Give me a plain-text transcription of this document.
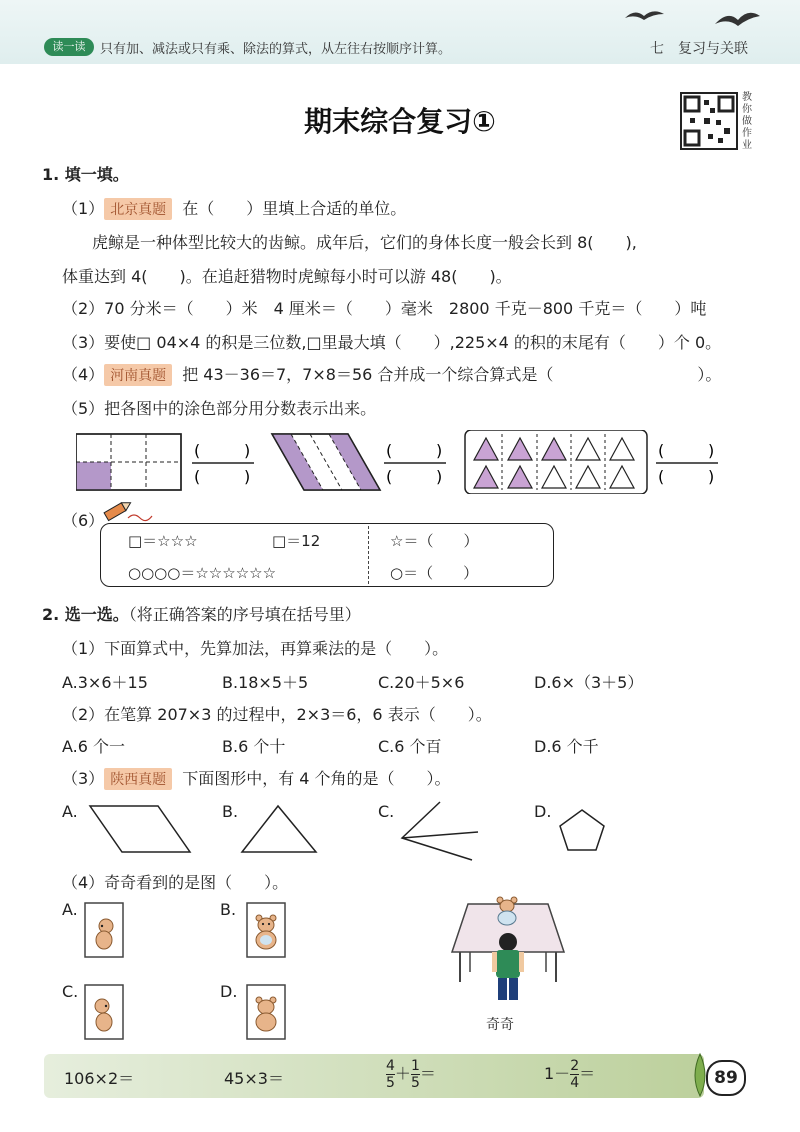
读一读	只有加、减法或只有乘、除法的算式，从左往右按顺序计算。	七　复习与关联
期末综合复习①
教你做作业
1. 填一填。
（1） 北京真题 在（　　）里填上合适的单位。
虎鲸是一种体型比较大的齿鲸。成年后，它们的身体长度一般会长到 8(　　),
体重达到 4(　　)。在追赶猎物时虎鲸每小时可以游 48(　　)。
（2）70 分米＝（　　）米　4 厘米＝（　　）毫米　2800 千克－800 千克＝（　　）吨
（3）要使□ 04×4 的积是三位数,□里最大填（　　）,225×4 的积的末尾有（　　）个 0。
（4） 河南真题 把 43－36＝7，7×8＝56 合并成一个综合算式是（　　　　　　　　　）。
（5）把各图中的涂色部分用分数表示出来。
(	)
(	)
(	)
(	)
(	)
(	)
（6）
□＝☆☆☆	□＝12
○○○○＝☆☆☆☆☆☆
☆＝（　　）
○＝（　　）
2. 选一选。（将正确答案的序号填在括号里）
（1）下面算式中，先算加法，再算乘法的是（　　）。
A.3×6＋15	B.18×5＋5	C.20＋5×6	D.6×（3＋5）
（2）在笔算 207×3 的过程中，2×3＝6，6 表示（　　）。
A.6 个一	B.6 个十	C.6 个百	D.6 个千
（3） 陕西真题 下面图形中，有 4 个角的是（　　）。
A.	B.	C.	D.
（4）奇奇看到的是图（　　）。
A.	B.
C.	D.
奇奇
106×2＝	45×3＝	$\frac{4}{5}+\frac{1}{5}=$	$1-\frac{2}{4}=$	89
